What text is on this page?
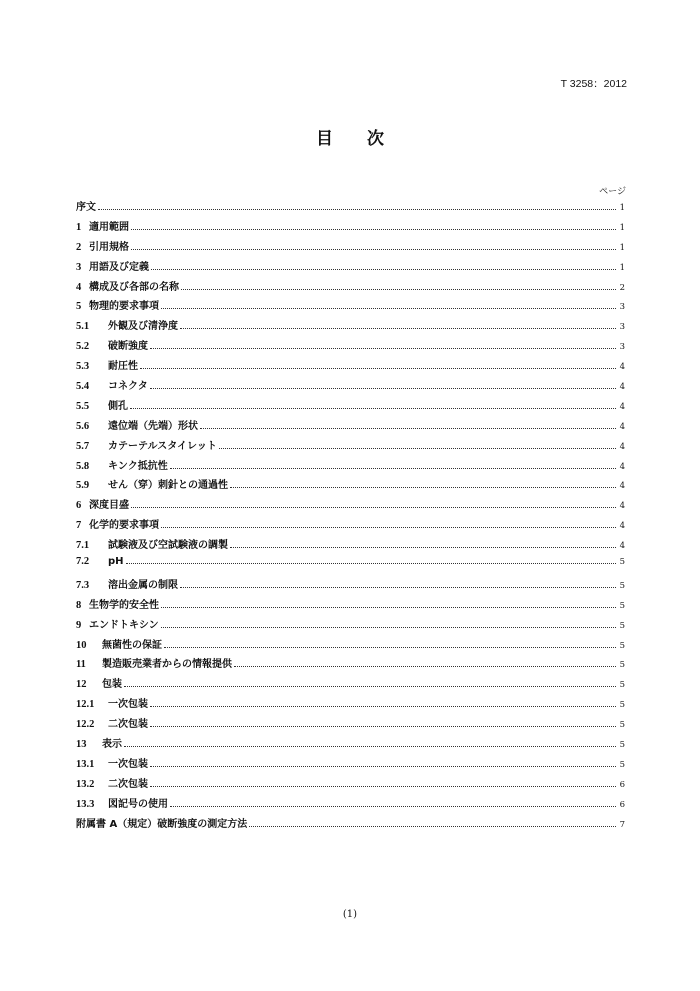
T 3258：2012
目 次
ページ
序文	1
1 適用範囲	1
2 引用規格	1
3 用語及び定義	1
4 構成及び各部の名称	2
5 物理的要求事項	3
5.1	外観及び清浄度	3
5.2	破断強度	3
5.3	耐圧性	4
5.4	コネクタ	4
5.5	側孔	4
5.6	遠位端（先端）形状	4
5.7	カテーテルスタイレット	4
5.8	キンク抵抗性	4
5.9	せん（穿）刺針との通過性	4
6 深度目盛	4
7 化学的要求事項	4
7.1	試験液及び空試験液の調製	4
7.2	pH	5
7.3	溶出金属の制限	5
8 生物学的安全性	5
9 エンドトキシン	5
10	無菌性の保証	5
11	製造販売業者からの情報提供	5
12	包装	5
12.1	一次包装	5
12.2	二次包装	5
13	表示	5
13.1	一次包装	5
13.2	二次包装	6
13.3	図記号の使用	6
附属書 A（規定）破断強度の測定方法	7
(1)
